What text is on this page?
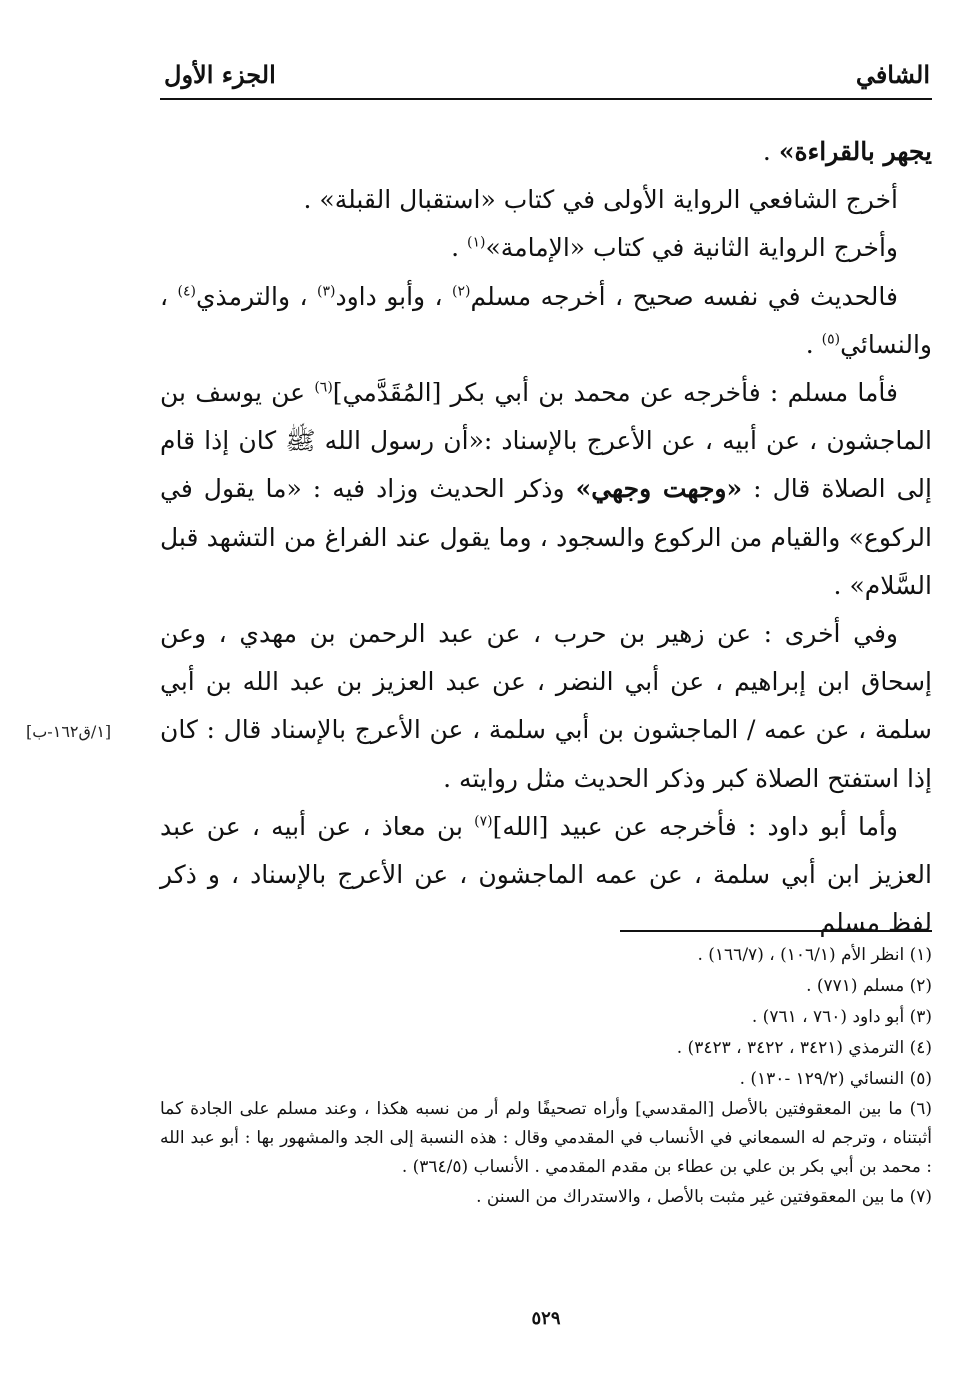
الشافي
الجزء الأول

يجهر بالقراءة» .

أخرج الشافعي الرواية الأولى في كتاب «استقبال القبلة» .

وأخرج الرواية الثانية في كتاب «الإمامة»$^{(١)}$ .

فالحديث في نفسه صحيح ، أخرجه مسلم$^{(٢)}$ ، وأبو داود$^{(٣)}$ ، والترمذي$^{(٤)}$ ، والنسائي$^{(٥)}$ .

فأما مسلم : فأخرجه عن محمد بن أبي بكر [المُقَدَّمي]$^{(٦)}$ عن يوسف بن الماجشون ، عن أبيه ، عن الأعرج بالإسناد :«أن رسول الله ﷺ كان إذا قام إلى الصلاة قال : «وجهت وجهي» وذكر الحديث وزاد فيه : «ما يقول في الركوع» والقيام من الركوع والسجود ، وما يقول عند الفراغ من التشهد قبل السَّلام» .

وفي أخرى : عن زهير بن حرب ، عن عبد الرحمن بن مهدي ، وعن إسحاق ابن إبراهيم ، عن أبي النضر ، عن عبد العزيز بن عبد الله بن أبي سلمة ، عن عمه / الماجشون بن أبي سلمة ، عن الأعرج بالإسناد قال : كان إذا استفتح الصلاة كبر وذكر الحديث مثل روايته .

وأما أبو داود : فأخرجه عن عبيد [الله]$^{(٧)}$ بن معاذ ، عن أبيه ، عن عبد العزيز ابن أبي سلمة ، عن عمه الماجشون ، عن الأعرج بالإسناد ، و ذكر لفظ مسلم

(١) انظر الأم (١٠٦/١) ، (١٦٦/٧) .

(٢) مسلم (٧٧١) .

(٣) أبو داود (٧٦٠ ، ٧٦١) .

(٤) الترمذي (٣٤٢١ ، ٣٤٢٢ ، ٣٤٢٣) .

(٥) النسائي (١٢٩/٢ -١٣٠) .

(٦) ما بين المعقوفتين بالأصل [المقدسي] وأراه تصحيفًا ولم أر من نسبه هكذا ، وعند مسلم على الجادة كما أثبتناه ، وترجم له السمعاني في الأنساب في المقدمي وقال : هذه النسبة إلى الجد والمشهور بها : أبو عبد الله : محمد بن أبي بكر بن علي بن عطاء بن مقدم المقدمي . الأنساب (٣٦٤/٥) .

(٧) ما بين المعقوفتين غير مثبت بالأصل ، والاستدراك من السنن .

٥٢٩
[١/ق١٦٢-ب]
